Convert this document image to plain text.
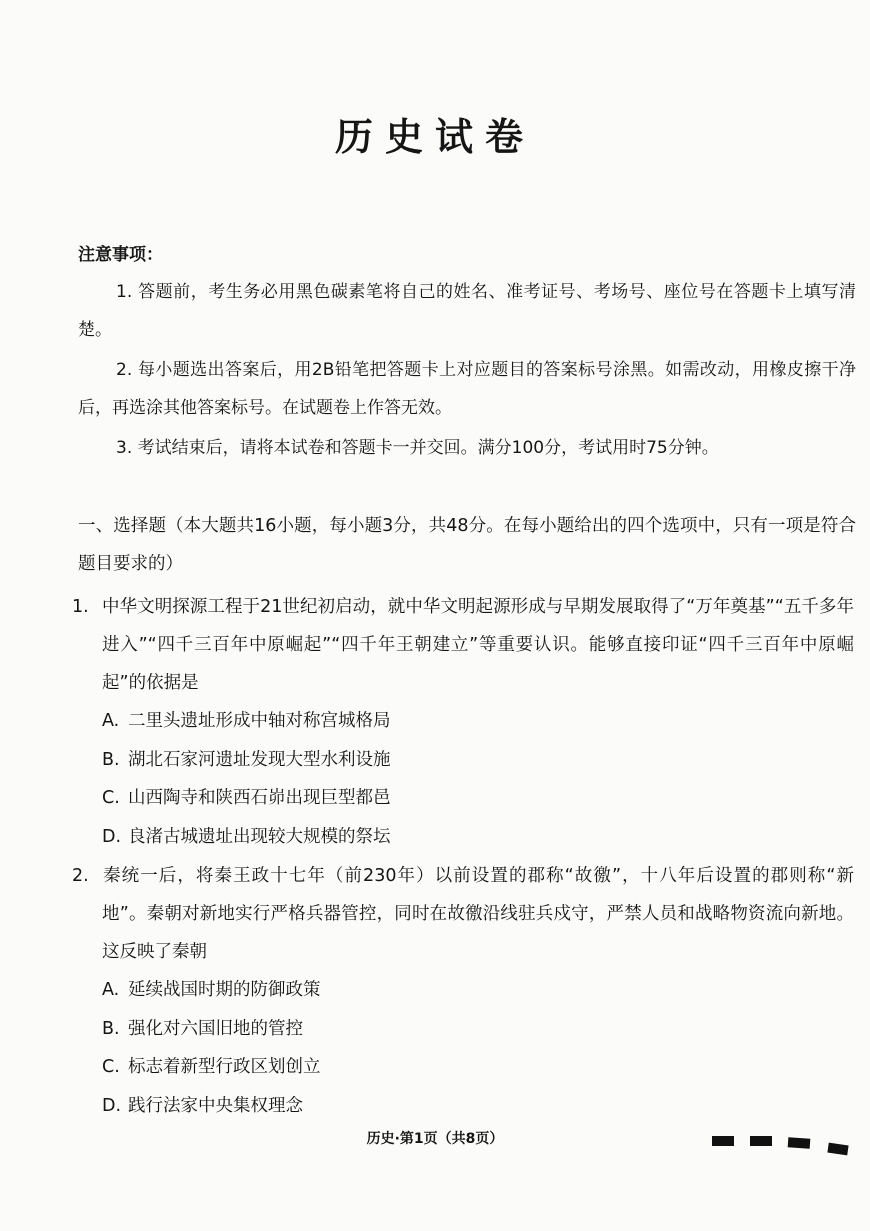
历史试卷
注意事项：
1. 答题前，考生务必用黑色碳素笔将自己的姓名、准考证号、考场号、座位号在答题卡上填写清楚。
2. 每小题选出答案后，用2B铅笔把答题卡上对应题目的答案标号涂黑。如需改动，用橡皮擦干净后，再选涂其他答案标号。在试题卷上作答无效。
3. 考试结束后，请将本试卷和答题卡一并交回。满分100分，考试用时75分钟。
一、选择题（本大题共16小题，每小题3分，共48分。在每小题给出的四个选项中，只有一项是符合题目要求的）
1. 中华文明探源工程于21世纪初启动，就中华文明起源形成与早期发展取得了“万年奠基”“五千多年进入”“四千三百年中原崛起”“四千年王朝建立”等重要认识。能够直接印证“四千三百年中原崛起”的依据是
A. 二里头遗址形成中轴对称宫城格局
B. 湖北石家河遗址发现大型水利设施
C. 山西陶寺和陕西石峁出现巨型都邑
D. 良渚古城遗址出现较大规模的祭坛
2. 秦统一后，将秦王政十七年（前230年）以前设置的郡称“故徼”，十八年后设置的郡则称“新地”。秦朝对新地实行严格兵器管控，同时在故徼沿线驻兵戍守，严禁人员和战略物资流向新地。这反映了秦朝
A. 延续战国时期的防御政策
B. 强化对六国旧地的管控
C. 标志着新型行政区划创立
D. 践行法家中央集权理念
历史·第1页（共8页）
